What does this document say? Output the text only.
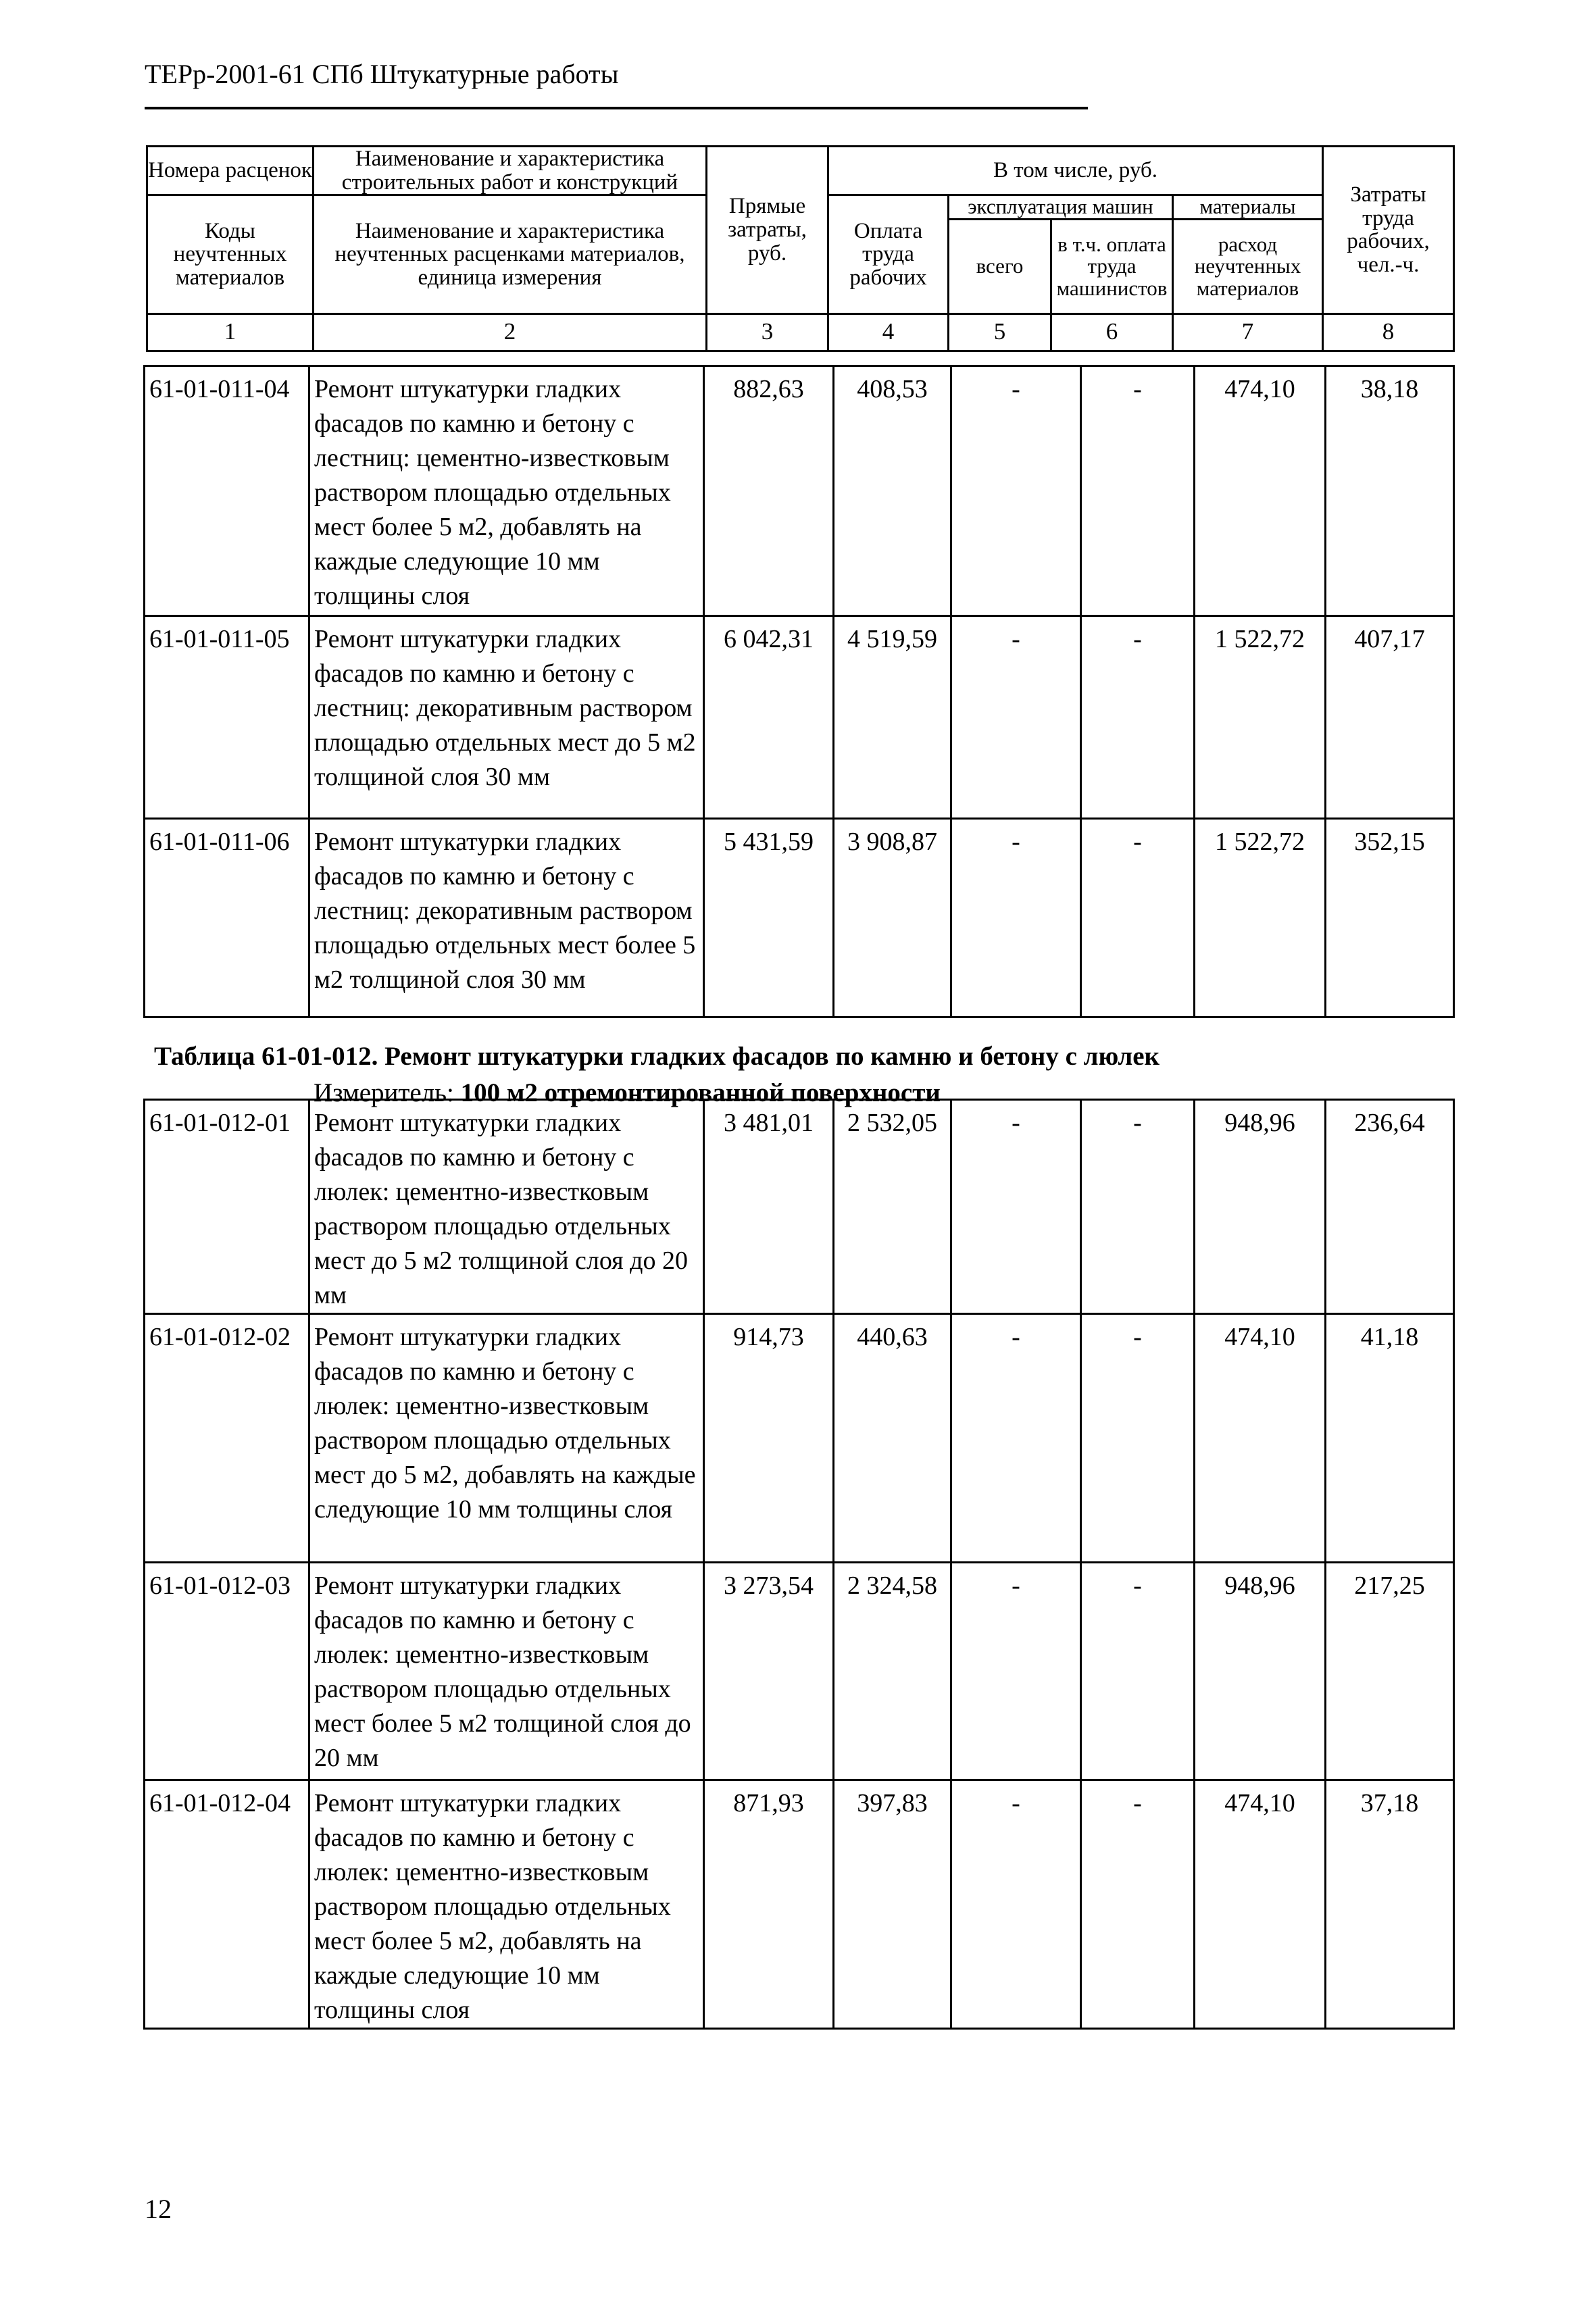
ТЕРр-2001-61 СПб Штукатурные работы
Номера расценок	Наименование и характеристика строительных работ и конструкций	Прямые затраты, руб.	В том числе, руб.				Затраты труда рабочих, чел.-ч.
Коды неучтенных материалов	Наименование и характеристика неучтенных расценками материалов, единица измерения		Оплата труда рабочих	эксплуатация машин		материалы	
				всего	в т.ч. оплата труда машинистов	расход неучтенных материалов	
1	2	3	4	5	6	7	8
61-01-011-04	Ремонт штукатурки гладких фасадов по камню и бетону с лестниц: цементно-известковым раствором площадью отдельных мест более 5 м2, добавлять на каждые следующие 10 мм толщины слоя	882,63	408,53	-	-	474,10	38,18
61-01-011-05	Ремонт штукатурки гладких фасадов по камню и бетону с лестниц: декоративным раствором площадью отдельных мест до 5 м2 толщиной слоя 30 мм	6 042,31	4 519,59	-	-	1 522,72	407,17
61-01-011-06	Ремонт штукатурки гладких фасадов по камню и бетону с лестниц: декоративным раствором площадью отдельных мест более 5 м2 толщиной слоя 30 мм	5 431,59	3 908,87	-	-	1 522,72	352,15
Таблица 61-01-012. Ремонт штукатурки гладких фасадов по камню и бетону с люлек
Измеритель: 100 м2 отремонтированной поверхности
61-01-012-01	Ремонт штукатурки гладких фасадов по камню и бетону с люлек: цементно-известковым раствором площадью отдельных мест до 5 м2 толщиной слоя до 20 мм	3 481,01	2 532,05	-	-	948,96	236,64
61-01-012-02	Ремонт штукатурки гладких фасадов по камню и бетону с люлек: цементно-известковым раствором площадью отдельных мест до 5 м2, добавлять на каждые следующие 10 мм толщины слоя	914,73	440,63	-	-	474,10	41,18
61-01-012-03	Ремонт штукатурки гладких фасадов по камню и бетону с люлек: цементно-известковым раствором площадью отдельных мест более 5 м2 толщиной слоя до 20 мм	3 273,54	2 324,58	-	-	948,96	217,25
61-01-012-04	Ремонт штукатурки гладких фасадов по камню и бетону с люлек: цементно-известковым раствором площадью отдельных мест более 5 м2, добавлять на каждые следующие 10 мм толщины слоя	871,93	397,83	-	-	474,10	37,18
12
